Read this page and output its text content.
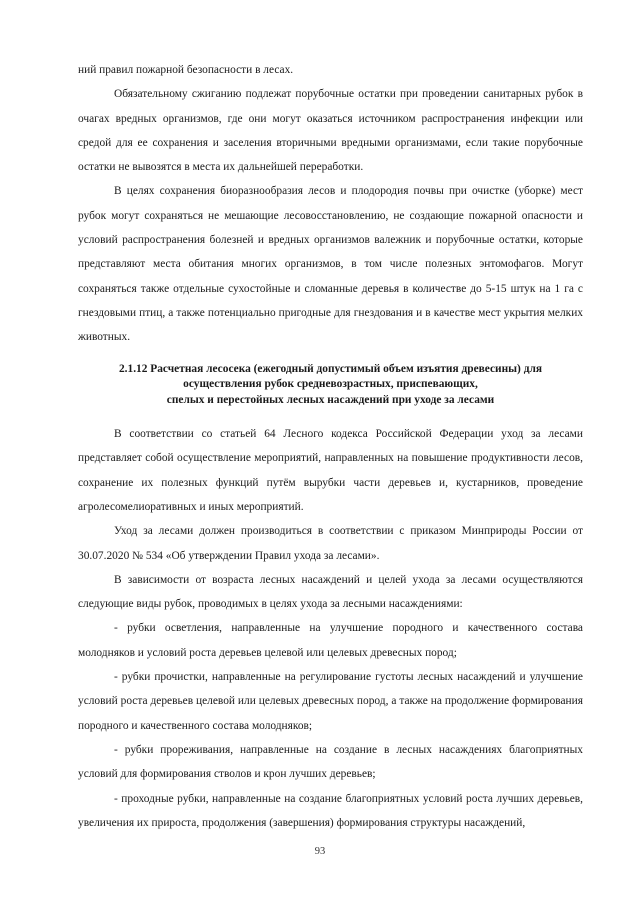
ний правил пожарной безопасности в лесах.

Обязательному сжиганию подлежат порубочные остатки при проведении санитарных рубок в очагах вредных организмов, где они могут оказаться источником распространения инфекции или средой для ее сохранения и заселения вторичными вредными организмами, если такие порубочные остатки не вывозятся в места их дальнейшей переработки.

В целях сохранения биоразнообразия лесов и плодородия почвы при очистке (уборке) мест рубок могут сохраняться не мешающие лесовосстановлению, не создающие пожарной опасности и условий распространения болезней и вредных организмов валежник и порубочные остатки, которые представляют места обитания многих организмов, в том числе полезных энтомофагов. Могут сохраняться также отдельные сухостойные и сломанные деревья в количестве до 5-15 штук на 1 га с гнездовыми птиц, а также потенциально пригодные для гнездования и в качестве мест укрытия мелких животных.

2.1.12 Расчетная лесосека (ежегодный допустимый объем изъятия древесины) для
осуществления рубок средневозрастных, приспевающих,
спелых и перестойных лесных насаждений при уходе за лесами

В соответствии со статьей 64 Лесного кодекса Российской Федерации уход за лесами представляет собой осуществление мероприятий, направленных на повышение продуктивности лесов, сохранение их полезных функций путём вырубки части деревьев и, кустарников, проведение агролесомелиоративных и иных мероприятий.

Уход за лесами должен производиться в соответствии с приказом Минприроды России от 30.07.2020 № 534 «Об утверждении Правил ухода за лесами».

В зависимости от возраста лесных насаждений и целей ухода за лесами осуществляются следующие виды рубок, проводимых в целях ухода за лесными насаждениями:

- рубки осветления, направленные на улучшение породного и качественного состава молодняков и условий роста деревьев целевой или целевых древесных пород;

- рубки прочистки, направленные на регулирование густоты лесных насаждений и улучшение условий роста деревьев целевой или целевых древесных пород, а также на продолжение формирования породного и качественного состава молодняков;

- рубки прореживания, направленные на создание в лесных насаждениях благоприятных условий для формирования стволов и крон лучших деревьев;

- проходные рубки, направленные на создание благоприятных условий роста лучших деревьев, увеличения их прироста, продолжения (завершения) формирования структуры насаждений,

93
